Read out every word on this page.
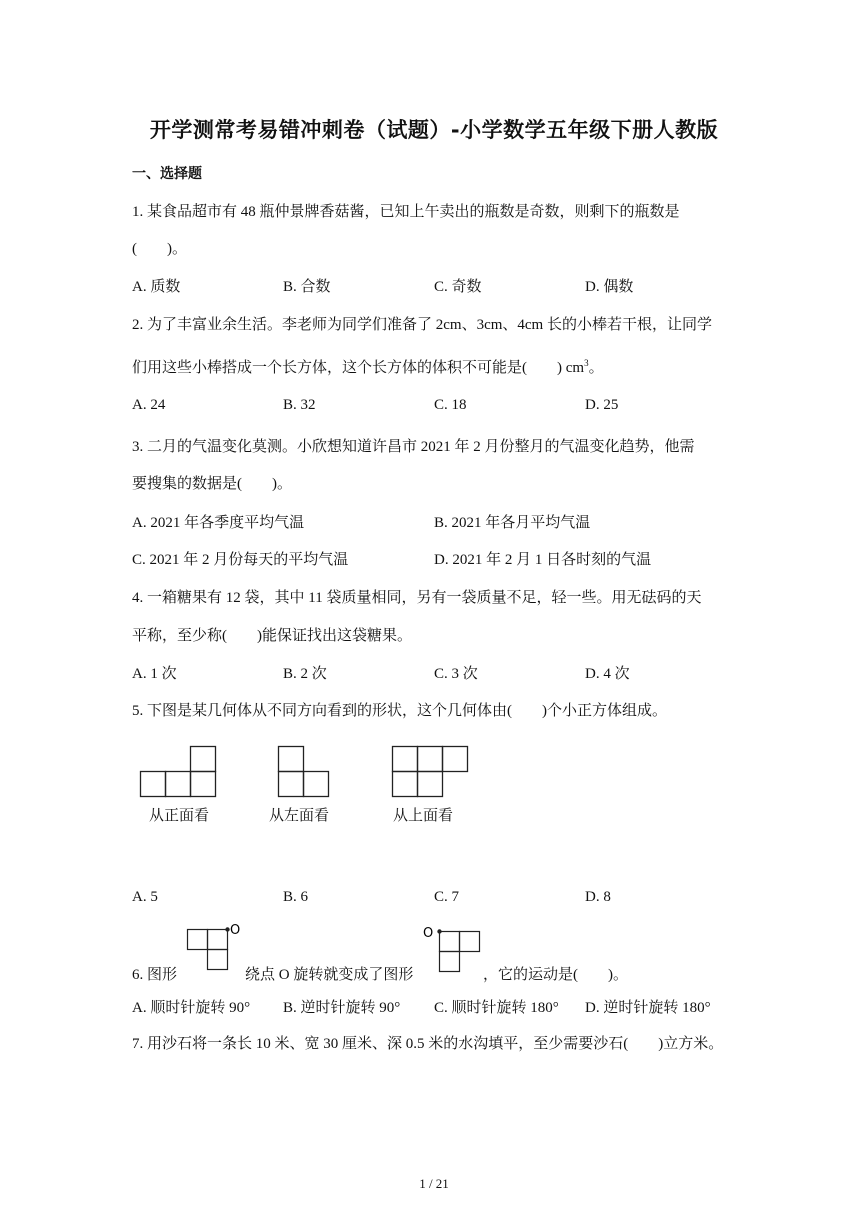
开学测常考易错冲刺卷（试题）-小学数学五年级下册人教版
一、选择题
1. 某食品超市有 48 瓶仲景牌香菇酱，已知上午卖出的瓶数是奇数，则剩下的瓶数是
(　　)。
A. 质数	B. 合数	C. 奇数	D. 偶数
2. 为了丰富业余生活。李老师为同学们准备了 2cm、3cm、4cm 长的小棒若干根，让同学
们用这些小棒搭成一个长方体，这个长方体的体积不可能是(　　) $cm^3$。
A. 24	B. 32	C. 18	D. 25
3. 二月的气温变化莫测。小欣想知道许昌市 2021 年 2 月份整月的气温变化趋势，他需
要搜集的数据是(　　)。
A. 2021 年各季度平均气温	B. 2021 年各月平均气温
C. 2021 年 2 月份每天的平均气温	D. 2021 年 2 月 1 日各时刻的气温
4. 一箱糖果有 12 袋，其中 11 袋质量相同，另有一袋质量不足，轻一些。用无砝码的天
平称，至少称(　　)能保证找出这袋糖果。
A. 1 次	B. 2 次	C. 3 次	D. 4 次
5. 下图是某几何体从不同方向看到的形状，这个几何体由(　　)个小正方体组成。
从正面看	从左面看	从上面看
A. 5	B. 6	C. 7	D. 8
6. 图形
O
绕点 O 旋转就变成了图形
O
，它的运动是(　　)。
A. 顺时针旋转 90° B. 逆时针旋转 90° C. 顺时针旋转 180° D. 逆时针旋转 180°
7. 用沙石将一条长 10 米、宽 30 厘米、深 0.5 米的水沟填平，至少需要沙石(　　)立方米。
1 / 21
